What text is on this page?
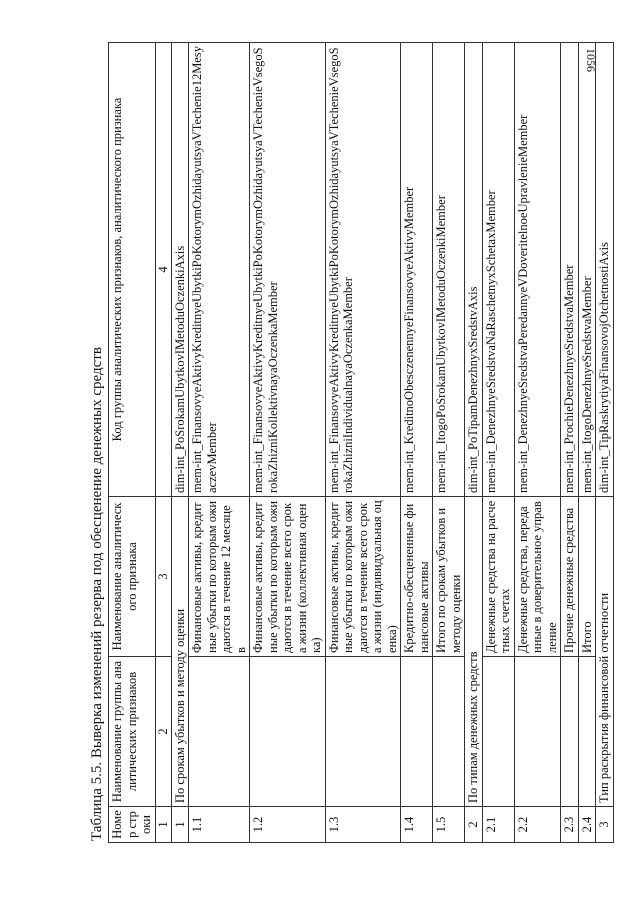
1056
Таблица 5.5. Выверка изменений резерва под обесценение денежных средств Номер строки	Наименование группы аналитических признаков	Наименование аналитического признака	Код группы аналитических признаков, аналитического признака
1	2	3	4
1	По срокам убытков и методу оценки		dim-int_PoSrokamUbytkovIMetoduOczenkiAxis
1.1		Финансовые активы, кредитные убытки по которым ожидаются в течение 12 месяцев	mem-int_FinansovyeAktivyKreditnyeUbytkiPoKotorymOzhidayutsyaVTechenie12MesyaczevMember
1.2		Финансовые активы, кредитные убытки по которым ожидаются в течение всего срока жизни (коллективная оценка)	mem-int_FinansovyeAktivyKreditnyeUbytkiPoKotorymOzhidayutsyaVTechenieVsegoSrokaZhizniKollektivnayaOczenkaMember
1.3		Финансовые активы, кредитные убытки по которым ожидаются в течение всего срока жизни (индивидуальная оценка)	mem-int_FinansovyeAktivyKreditnyeUbytkiPoKotorymOzhidayutsyaVTechenieVsegoSrokaZhizniIndividualnayaOczenkaMember
1.4		Кредитно-обесцененные финансовые активы	mem-int_KreditnoObesczenennyeFinansovyeAktivyMember
1.5		Итого по срокам убытков и методу оценки	mem-int_ItogoPoSrokamUbytkovIMetoduOczenkiMember
2	По типам денежных средств		dim-int_PoTipamDenezhnyxSredstvAxis
2.1		Денежные средства на расчетных счетах	mem-int_DenezhnyeSredstvaNaRaschetnyxSchetaxMember
2.2		Денежные средства, переданные в доверительное управление	mem-int_DenezhnyeSredstvaPeredannyeVDoveritelnoeUpravlenieMember
2.3		Прочие денежные средства	mem-int_ProchieDenezhnyeSredstvaMember
2.4		Итого	mem-int_ItogoDenezhnyeSredstvaMember
3	Тип раскрытия финансовой отчетности		dim-int_TipRaskrytiyaFinansovojOtchetnostiAxis
